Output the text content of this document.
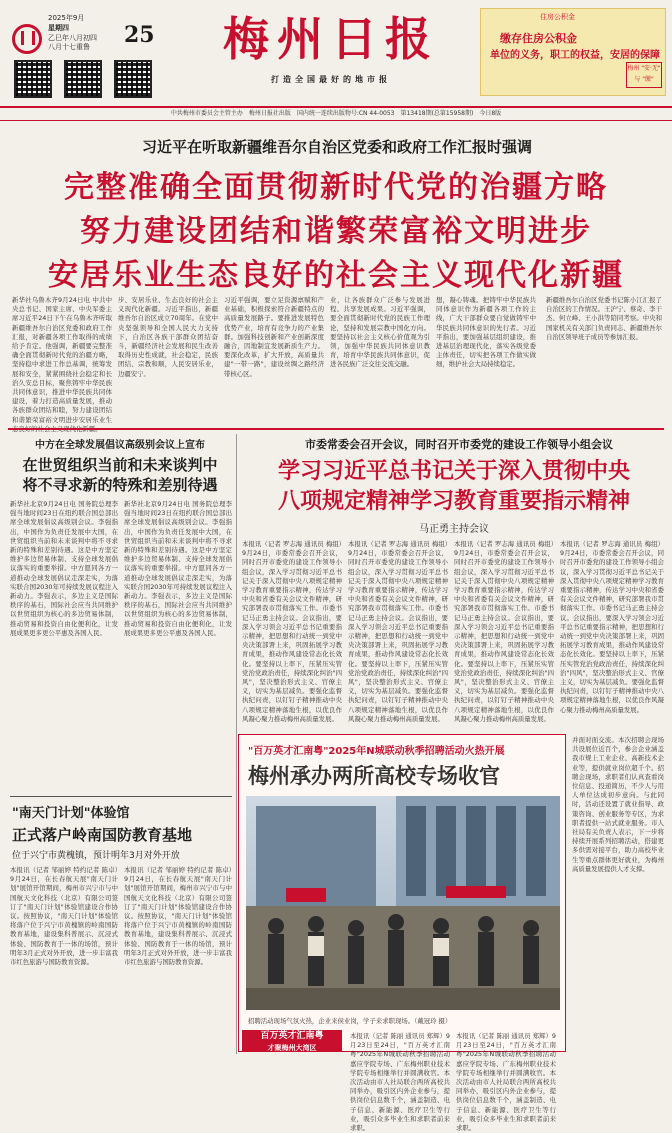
2025年9月
星期四
乙巳年八月初四
八月十七重鲁 25	梅州日报
打造全国最好的地市报
住房公积金
缴存住房公积金
单位的义务，职工的权益，安居的保障
梅州 "安·无" 与 "缴"
中共梅州市委员会主管主办　梅州日报社出版　国内统一连续出版物号:CN 44-0053　第13418期(总第15958期)　今日8版
习近平在听取新疆维吾尔自治区党委和政府工作汇报时强调
完整准确全面贯彻新时代党的治疆方略
努力建设团结和谐繁荣富裕文明进步
安居乐业生态良好的社会主义现代化新疆
新华社乌鲁木齐9月24日电 中共中央总书记、国家主席、中央军委主席习近平24日下午在乌鲁木齐听取新疆维吾尔自治区党委和政府工作汇报，对新疆各项工作取得的成绩给予肯定。他强调，新疆要完整准确全面贯彻新时代党的治疆方略，坚持稳中求进工作总基调，统筹发展和安全，紧紧围绕社会稳定和长治久安总目标，聚焦铸牢中华民族共同体意识，推进中华民族共同体建设，着力打造高质量发展，推动各族群众团结和睦，努力建设团结和谐繁荣富裕文明进步安居乐业生
步、安居乐业、生态良好的社会主义现代化新疆。习近平指出，新疆维吾尔自治区成立70周年。在党中央坚强领导和全国人民大力支持下，自治区各族干部群众团结奋斗，新疆经济社会发展和民生改善取得历史性成就，社会稳定，民族团结、宗教和顺，人民安居乐业，边疆安宁。
习近平强调，要立足资源禀赋和产业基础，积极探索符合新疆特点的高质量发展路子。要推进发展特色优势产业，培育有竞争力的产业集群。加强科技创新和产业创新深度融合，因地制宜发展新质生产力。要深化改革，扩大开放，高质量共建"一带一路"，建设丝绸之路经济带核心区。
业，让各族群众广泛参与发展进程、共享发展成果。习近平强调，要全面贯彻新时代党的民族工作理论，坚持和发展宗教中国化方向。要坚持以社会主义核心价值观为引领，加强中华民族共同体意识教育，培育中华民族共同体意识，促进各民族广泛交往交流交融。
想，凝心铸魂。把铸牢中华民族共同体意识作为新疆各项工作的主线，广大干部群众要自觉做铸牢中华民族共同体意识的先行者。习近平指出，要加强基层组织建设，推进基层治理现代化，落实各级党委主体责任，切实把各项工作做实做细，维护社会大局持续稳定。
新疆维吾尔自治区党委书记陈小江汇报了自治区的工作情况。王沪宁、蔡奇、李干杰、何立峰、王小洪等陪同考察。中央和国家机关有关部门负责同志、新疆维吾尔自治区领导班子成员等参加汇报。
中方在全球发展倡议高级别会议上宣布
在世贸组织当前和未来谈判中
将不寻求新的特殊和差别待遇
新华社北京9月24日电 国务院总理李强当地时间23日在纽约联合国总部出席全球发展倡议高级别会议。李强指出，中国作为负责任发展中大国，在世贸组织当前和未来谈判中将不寻求新的特殊和差别待遇。这是中方坚定维护多边贸易体制、支持全球发展倡议落实的重要举措。中方愿同各方一道推动全球发展倡议走深走实，为落实联合国2030年可持续发展议程注入新动力。李强表示，多边主义是国际秩序的基石，国际社会应当共同维护以世贸组织为核心的多边贸易体制，推动贸易和投资自由化便利化，让发展成果更多更公平惠及各国人民。
新华社北京9月24日电 国务院总理李强当地时间23日在纽约联合国总部出席全球发展倡议高级别会议。李强指出，中国作为负责任发展中大国，在世贸组织当前和未来谈判中将不寻求新的特殊和差别待遇。这是中方坚定维护多边贸易体制、支持全球发展倡议落实的重要举措。中方愿同各方一道推动全球发展倡议走深走实，为落实联合国2030年可持续发展议程注入新动力。李强表示，多边主义是国际秩序的基石，国际社会应当共同维护以世贸组织为核心的多边贸易体制，推动贸易和投资自由化便利化，让发展成果更多更公平惠及各国人民。
市委常委会召开会议，同时召开市委党的建设工作领导小组会议
学习习近平总书记关于深入贯彻中央
八项规定精神学习教育重要指示精神
马正勇主持会议
本报讯（记者 罗志海 通讯员 梅组）9月24日，市委常委会召开会议，同时召开市委党的建设工作领导小组会议，深入学习贯彻习近平总书记关于深入贯彻中央八项规定精神学习教育重要指示精神，传达学习中央和省委有关会议文件精神，研究部署我市贯彻落实工作。市委书记马正勇主持会议。会议指出，要深入学习领会习近平总书记重要指示精神，把思想和行动统一到党中央决策部署上来，巩固拓展学习教育成果，推动作风建设常态化长效化。要坚持以上率下，压紧压实管党治党政治责任，持续深化纠治"四风"，坚决整治形式主义、官僚主义，切实为基层减负。要强化监督执纪问责，以钉钉子精神推动中央八项规定精神落地生根，以优良作风凝心聚力推动梅州高质量发展。
本报讯（记者 罗志海 通讯员 梅组）9月24日，市委常委会召开会议，同时召开市委党的建设工作领导小组会议，深入学习贯彻习近平总书记关于深入贯彻中央八项规定精神学习教育重要指示精神，传达学习中央和省委有关会议文件精神，研究部署我市贯彻落实工作。市委书记马正勇主持会议。会议指出，要深入学习领会习近平总书记重要指示精神，把思想和行动统一到党中央决策部署上来，巩固拓展学习教育成果，推动作风建设常态化长效化。要坚持以上率下，压紧压实管党治党政治责任，持续深化纠治"四风"，坚决整治形式主义、官僚主义，切实为基层减负。要强化监督执纪问责，以钉钉子精神推动中央八项规定精神落地生根，以优良作风凝心聚力推动梅州高质量发展。
本报讯（记者 罗志海 通讯员 梅组）9月24日，市委常委会召开会议，同时召开市委党的建设工作领导小组会议，深入学习贯彻习近平总书记关于深入贯彻中央八项规定精神学习教育重要指示精神，传达学习中央和省委有关会议文件精神，研究部署我市贯彻落实工作。市委书记马正勇主持会议。会议指出，要深入学习领会习近平总书记重要指示精神，把思想和行动统一到党中央决策部署上来，巩固拓展学习教育成果，推动作风建设常态化长效化。要坚持以上率下，压紧压实管党治党政治责任，持续深化纠治"四风"，坚决整治形式主义、官僚主义，切实为基层减负。要强化监督执纪问责，以钉钉子精神推动中央八项规定精神落地生根，以优良作风凝心聚力推动梅州高质量发展。
本报讯（记者 罗志海 通讯员 梅组）9月24日，市委常委会召开会议，同时召开市委党的建设工作领导小组会议，深入学习贯彻习近平总书记关于深入贯彻中央八项规定精神学习教育重要指示精神，传达学习中央和省委有关会议文件精神，研究部署我市贯彻落实工作。市委书记马正勇主持会议。会议指出，要深入学习领会习近平总书记重要指示精神，把思想和行动统一到党中央决策部署上来，巩固拓展学习教育成果，推动作风建设常态化长效化。要坚持以上率下，压紧压实管党治党政治责任，持续深化纠治"四风"，坚决整治形式主义、官僚主义，切实为基层减负。要强化监督执纪问责，以钉钉子精神推动中央八项规定精神落地生根，以优良作风凝心聚力推动梅州高质量发展。
"百万英才汇南粤"2025年N城联动秋季招聘活动火热开展
梅州承办两所高校专场收官
招聘活动现场气氛火热，企业来侯业岗，学子来求职现场。（戴冠玲 摄）
百万英才汇南粤
才聚梅州大湾区
本报讯（记者 陈丽 通讯员 郑辉）9月23日至24日，"百万英才汇南粤"2025年N城联动秋季招聘活动嘉应学院专场、广东梅州职业技术学院专场相继举行并圆满收官。本次活动由市人社局联合两所高校共同举办，吸引区内外企业参与，提供岗位信息数千个，涵盖制造、电子信息、新能源、医疗卫生等行业，吸引众多毕业生和求职者前来求职。
本报讯（记者 陈丽 通讯员 郑辉）9月23日至24日，"百万英才汇南粤"2025年N城联动秋季招聘活动嘉应学院专场、广东梅州职业技术学院专场相继举行并圆满收官。本次活动由市人社局联合两所高校共同举办，吸引区内外企业参与，提供岗位信息数千个，涵盖制造、电子信息、新能源、医疗卫生等行业，吸引众多毕业生和求职者前来求职。
并面对面交流。本次招聘会现场共设展位近百个，参会企业涵盖我市规上工业企业、高新技术企业等，提供就业岗位超千个。招聘会现场，求职者们认真查看岗位信息、投递简历，不少人与用人单位达成初步意向。与此同时，活动还设置了就业指导、政策咨询、创业服务等专区，为求职者提供一站式就业服务。市人社局有关负责人表示，下一步将持续开展系列招聘活动，搭建更多供需对接平台，助力高校毕业生等重点群体更好就业，为梅州高质量发展提供人才支撑。
"南天门计划"体验馆
正式落户岭南国防教育基地
位于兴宁市黄槐镇，预计明年3月对外开放
本报讯（记者 邹丽婷 特约记者 陈卓）9月24日，在长春航天展"南天门计划"展馆开馆期间，梅州市兴宁市与中国航天文化科技（北京）有限公司签订了"南天门计划"体验馆建设合作协议。按照协议，"南天门计划"体验馆将落户位于兴宁市黄槐镇的岭南国防教育基地，建设集科普展示、沉浸式体验、国防教育于一体的场馆，预计明年3月正式对外开放，进一步丰富我市红色旅游与国防教育资源。
本报讯（记者 邹丽婷 特约记者 陈卓）9月24日，在长春航天展"南天门计划"展馆开馆期间，梅州市兴宁市与中国航天文化科技（北京）有限公司签订了"南天门计划"体验馆建设合作协议。按照协议，"南天门计划"体验馆将落户位于兴宁市黄槐镇的岭南国防教育基地，建设集科普展示、沉浸式体验、国防教育于一体的场馆，预计明年3月正式对外开放，进一步丰富我市红色旅游与国防教育资源。
